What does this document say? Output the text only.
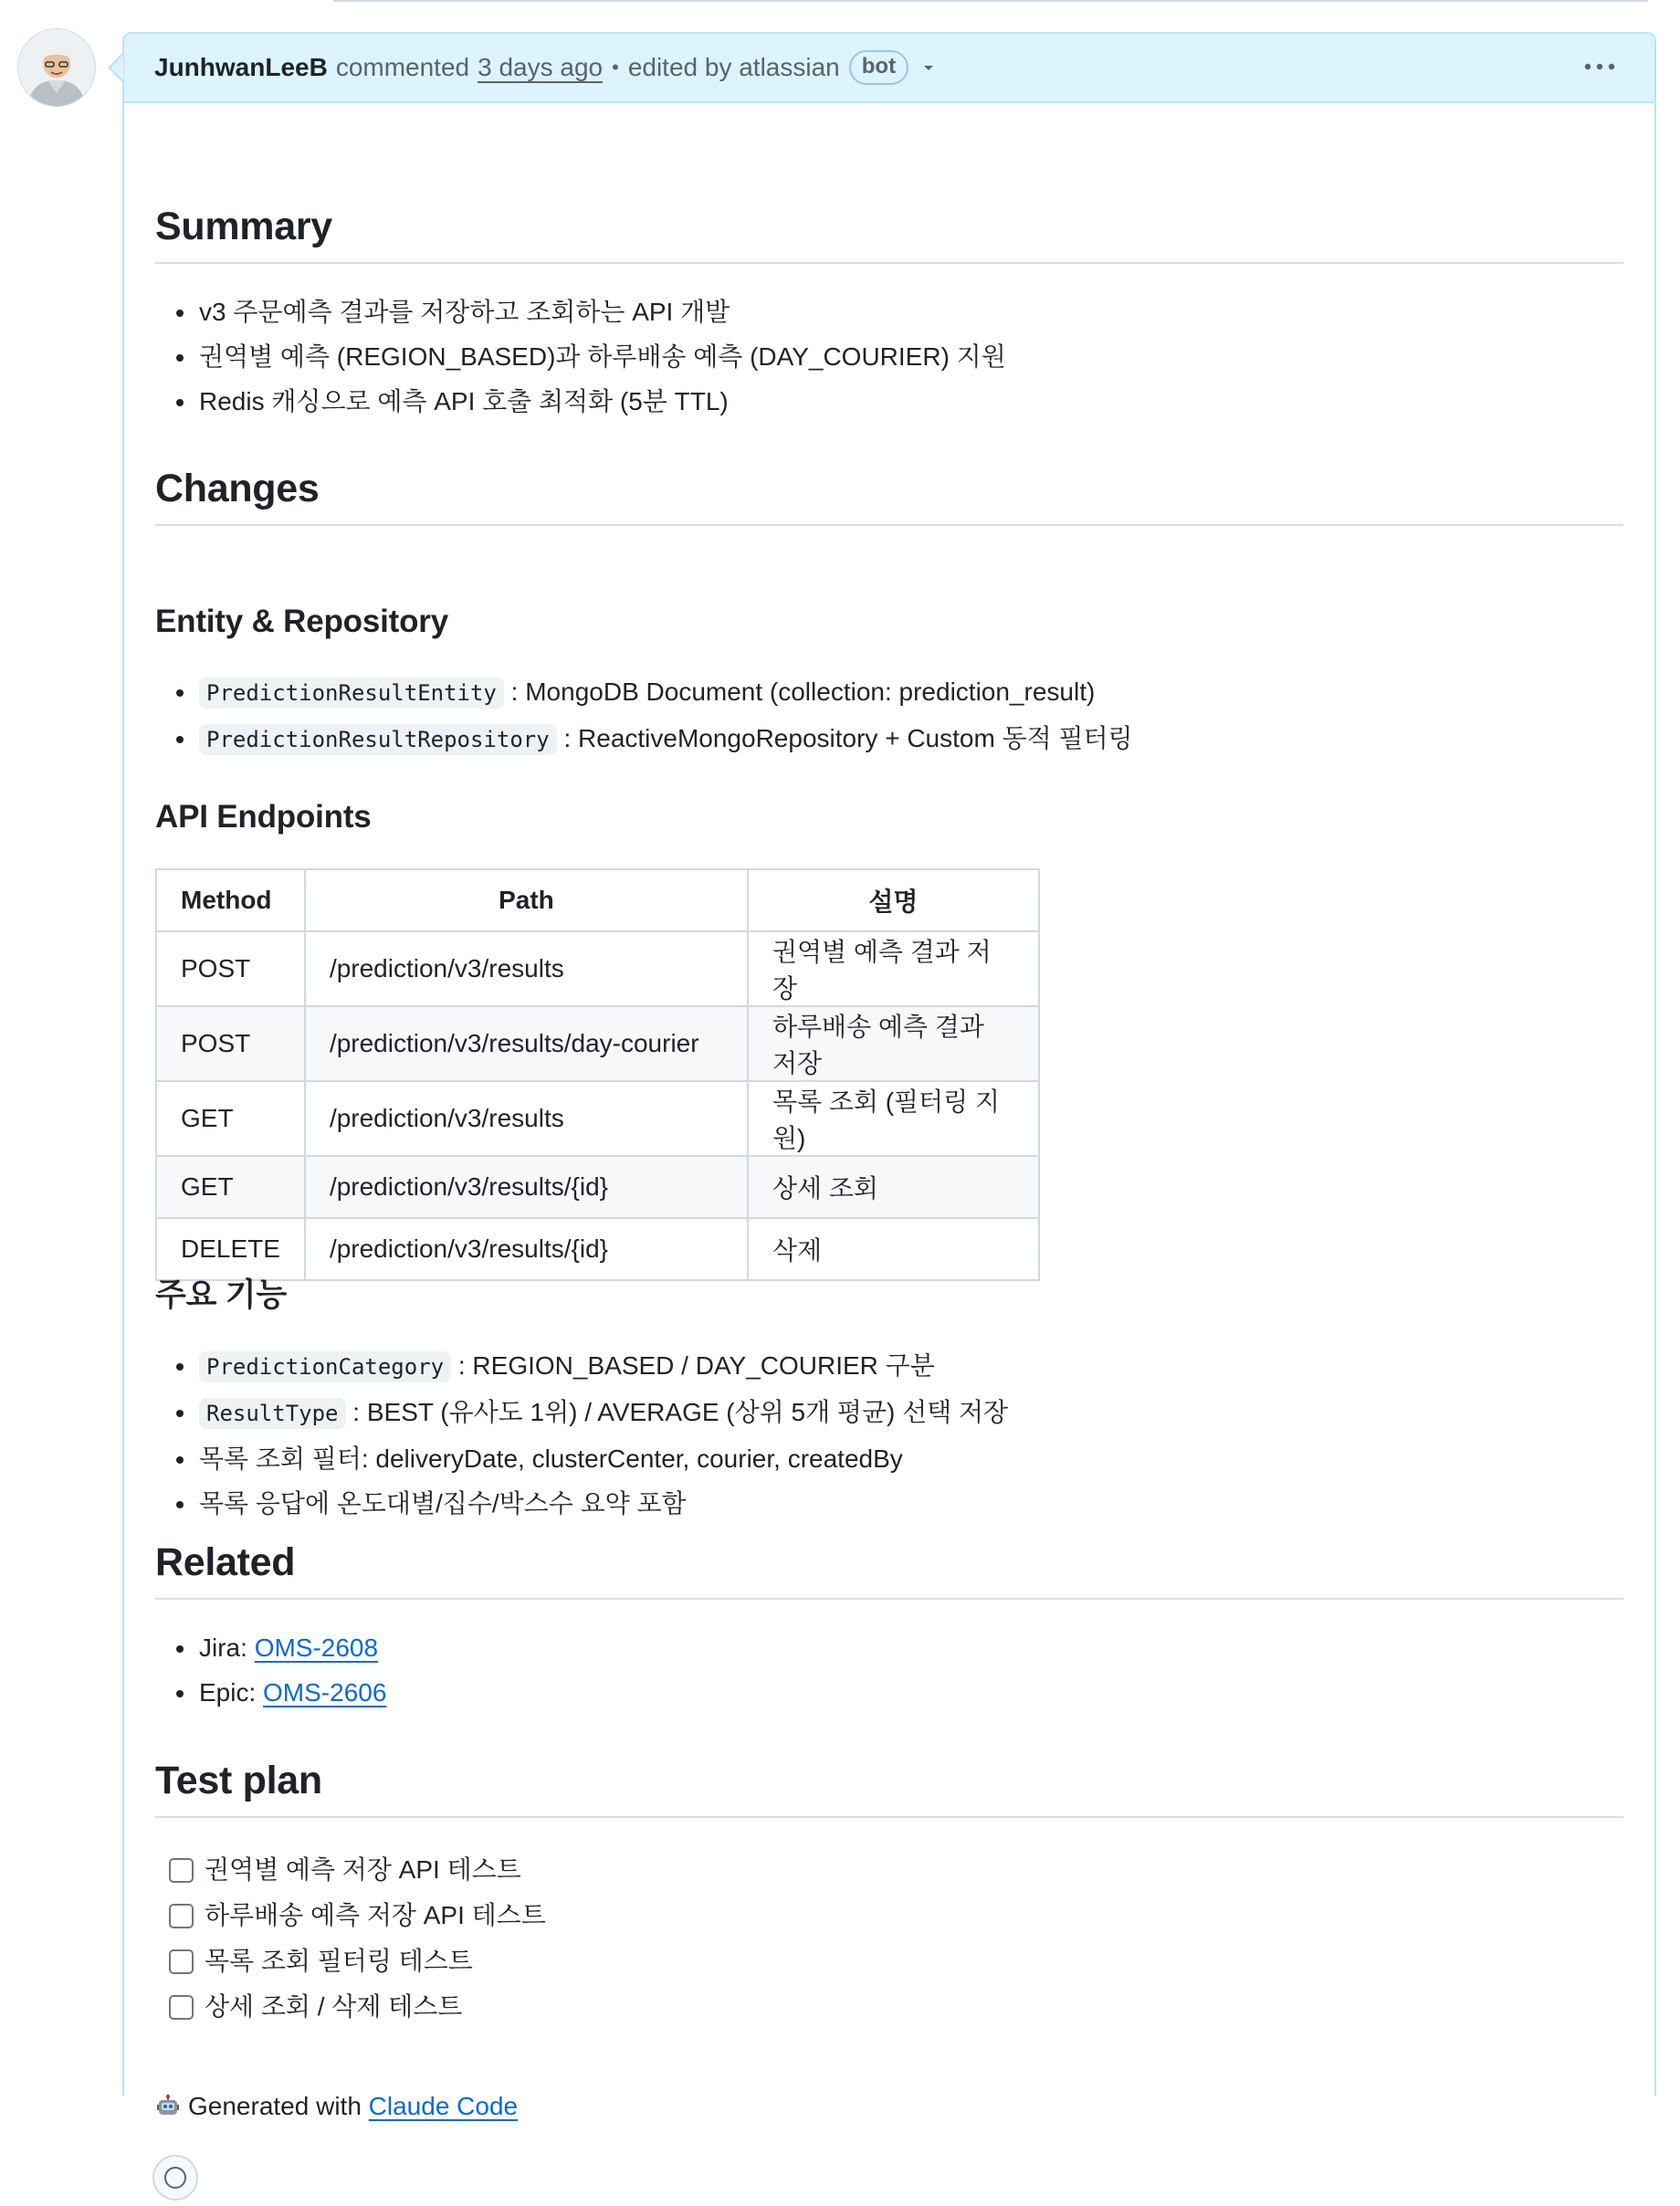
JunhwanLeeB commented 3 days ago • edited by atlassian	bot
Summary
v3 주문예측 결과를 저장하고 조회하는 API 개발
권역별 예측 (REGION_BASED)과 하루배송 예측 (DAY_COURIER) 지원
Redis 캐싱으로 예측 API 호출 최적화 (5분 TTL)
Changes
Entity & Repository
PredictionResultEntity : MongoDB Document (collection: prediction_result)
PredictionResultRepository : ReactiveMongoRepository + Custom 동적 필터링
API Endpoints
Method	Path	설명
POST	/prediction/v3/results	권역별 예측 결과 저장
POST	/prediction/v3/results/day-courier	하루배송 예측 결과 저장
GET	/prediction/v3/results	목록 조회 (필터링 지원)
GET	/prediction/v3/results/{id}	상세 조회
DELETE	/prediction/v3/results/{id}	삭제
주요 기능
PredictionCategory : REGION_BASED / DAY_COURIER 구분
ResultType : BEST (유사도 1위) / AVERAGE (상위 5개 평균) 선택 저장
목록 조회 필터: deliveryDate, clusterCenter, courier, createdBy
목록 응답에 온도대별/집수/박스수 요약 포함
Related
Jira: OMS-2608
Epic: OMS-2606
Test plan
권역별 예측 저장 API 테스트
하루배송 예측 저장 API 테스트
목록 조회 필터링 테스트
상세 조회 / 삭제 테스트
Generated with Claude Code
